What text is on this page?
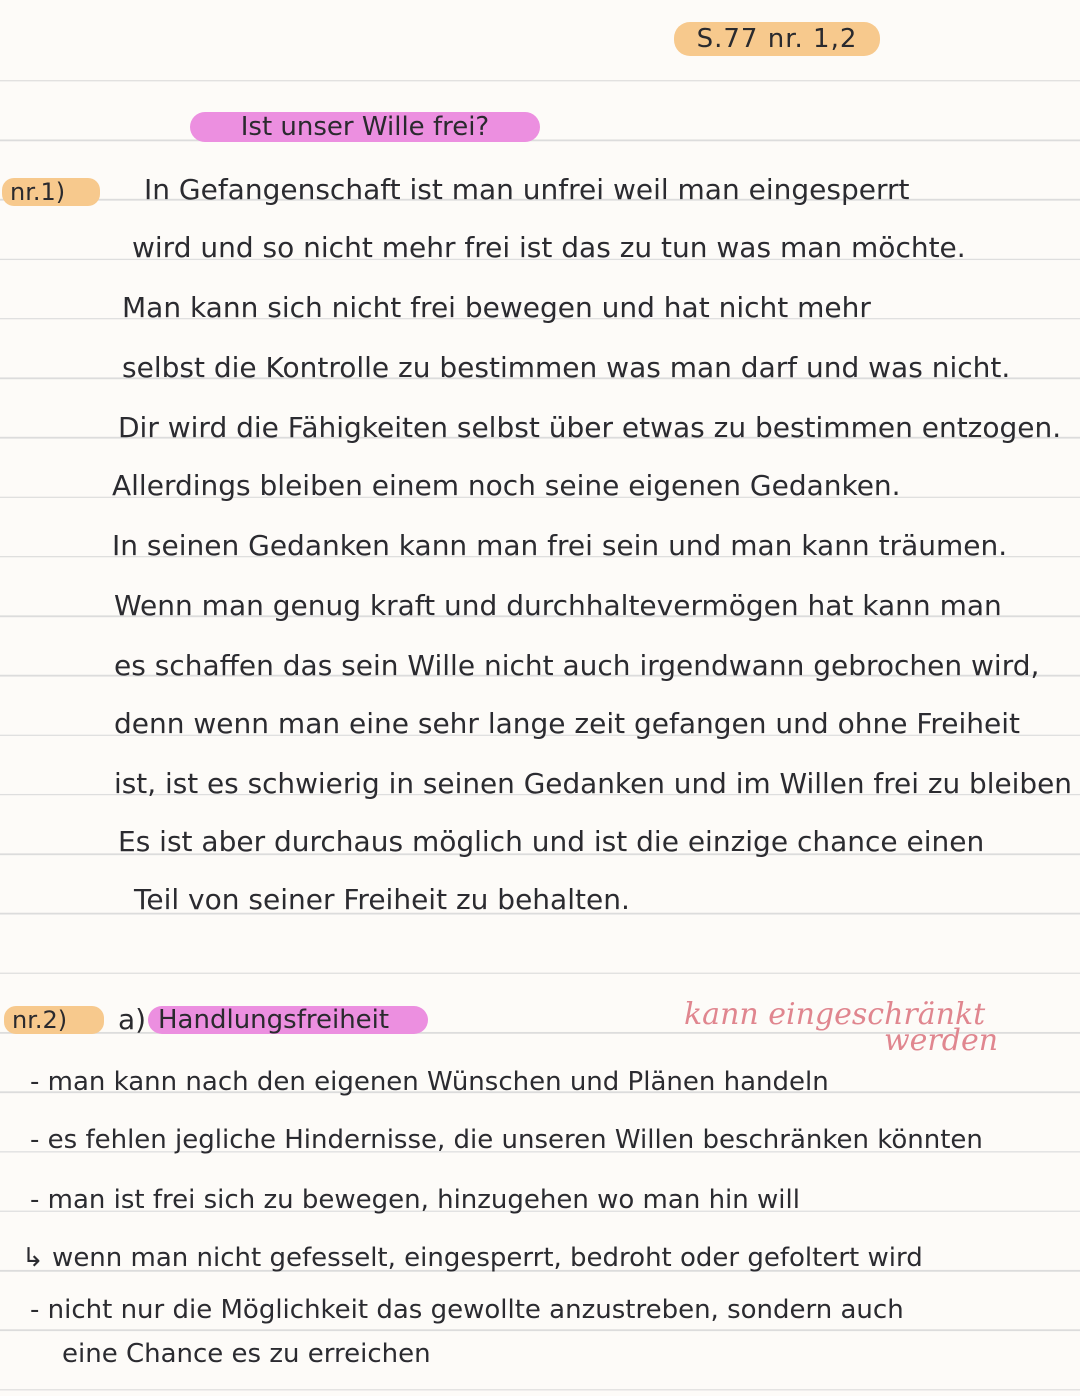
S.77 nr. 1,2
Ist unser Wille frei?
nr.1)	In Gefangenschaft ist man unfrei weil man eingesperrt
wird und so nicht mehr frei ist das zu tun was man möchte.
Man kann sich nicht frei bewegen und hat nicht mehr
selbst die Kontrolle zu bestimmen was man darf und was nicht.
Dir wird die Fähigkeiten selbst über etwas zu bestimmen entzogen.
Allerdings bleiben einem noch seine eigenen Gedanken.
In seinen Gedanken kann man frei sein und man kann träumen.
Wenn man genug kraft und durchhaltevermögen hat kann man
es schaffen das sein Wille nicht auch irgendwann gebrochen wird,
denn wenn man eine sehr lange zeit gefangen und ohne Freiheit
ist, ist es schwierig in seinen Gedanken und im Willen frei zu bleiben
Es ist aber durchaus möglich und ist die einzige chance einen
Teil von seiner Freiheit zu behalten.
nr.2)	a) Handlungsfreiheit	kann eingeschränkt
werden
- man kann nach den eigenen Wünschen und Plänen handeln
- es fehlen jegliche Hindernisse, die unseren Willen beschränken könnten
- man ist frei sich zu bewegen, hinzugehen wo man hin will
↳ wenn man nicht gefesselt, eingesperrt, bedroht oder gefoltert wird
- nicht nur die Möglichkeit das gewollte anzustreben, sondern auch
eine Chance es zu erreichen
